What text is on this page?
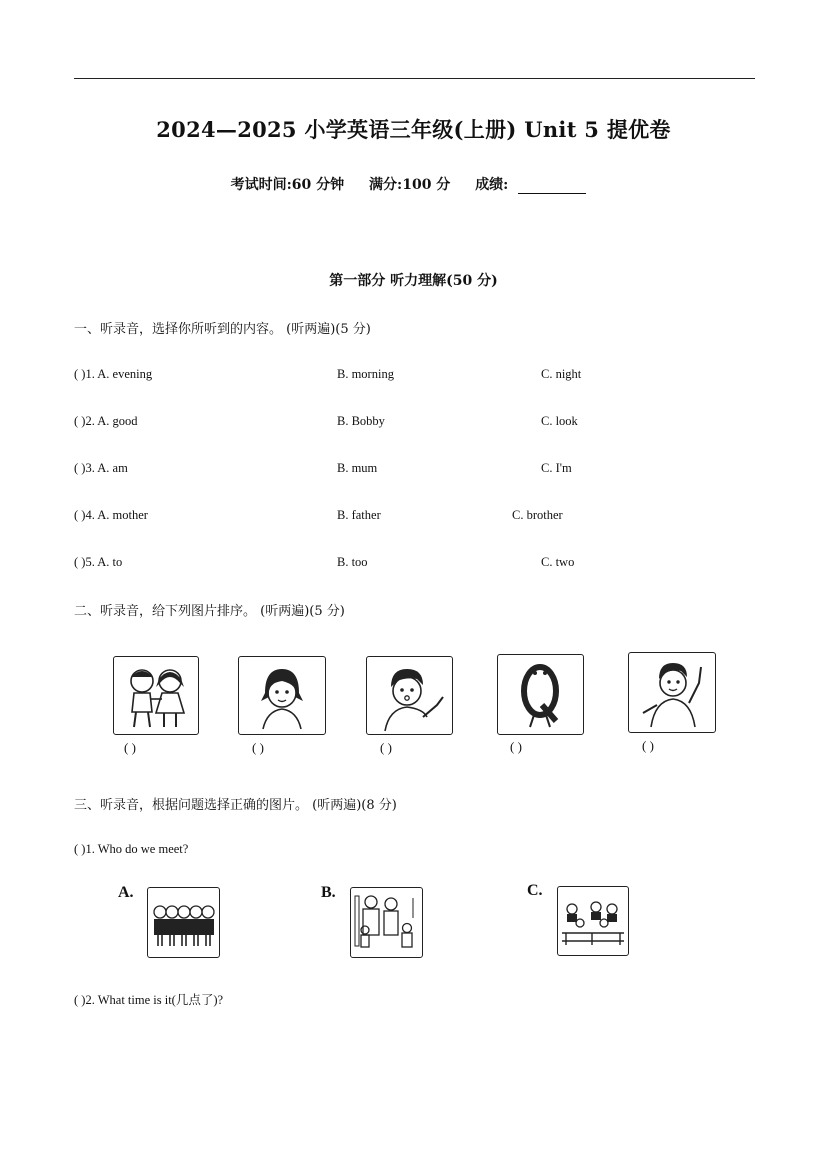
2024—2025 小学英语三年级(上册) Unit 5 提优卷
考试时间:60 分钟 满分:100 分 成绩:
第一部分 听力理解(50 分)
一、听录音，选择你所听到的内容。 (听两遍)(5 分)
( )1. A. evening	B. morning	C. night
( )2. A. good	B. Bobby	C. look
( )3. A. am	B. mum	C. I'm
( )4. A. mother	B. father	C. brother
( )5. A. to	B. too	C. two
二、听录音，给下列图片排序。 (听两遍)(5 分)
( )	( )	( )	( )	( )
三、听录音，根据问题选择正确的图片。 (听两遍)(8 分)
( )1. Who do we meet?
A.	B.	C.
( )2. What time is it(几点了)?
